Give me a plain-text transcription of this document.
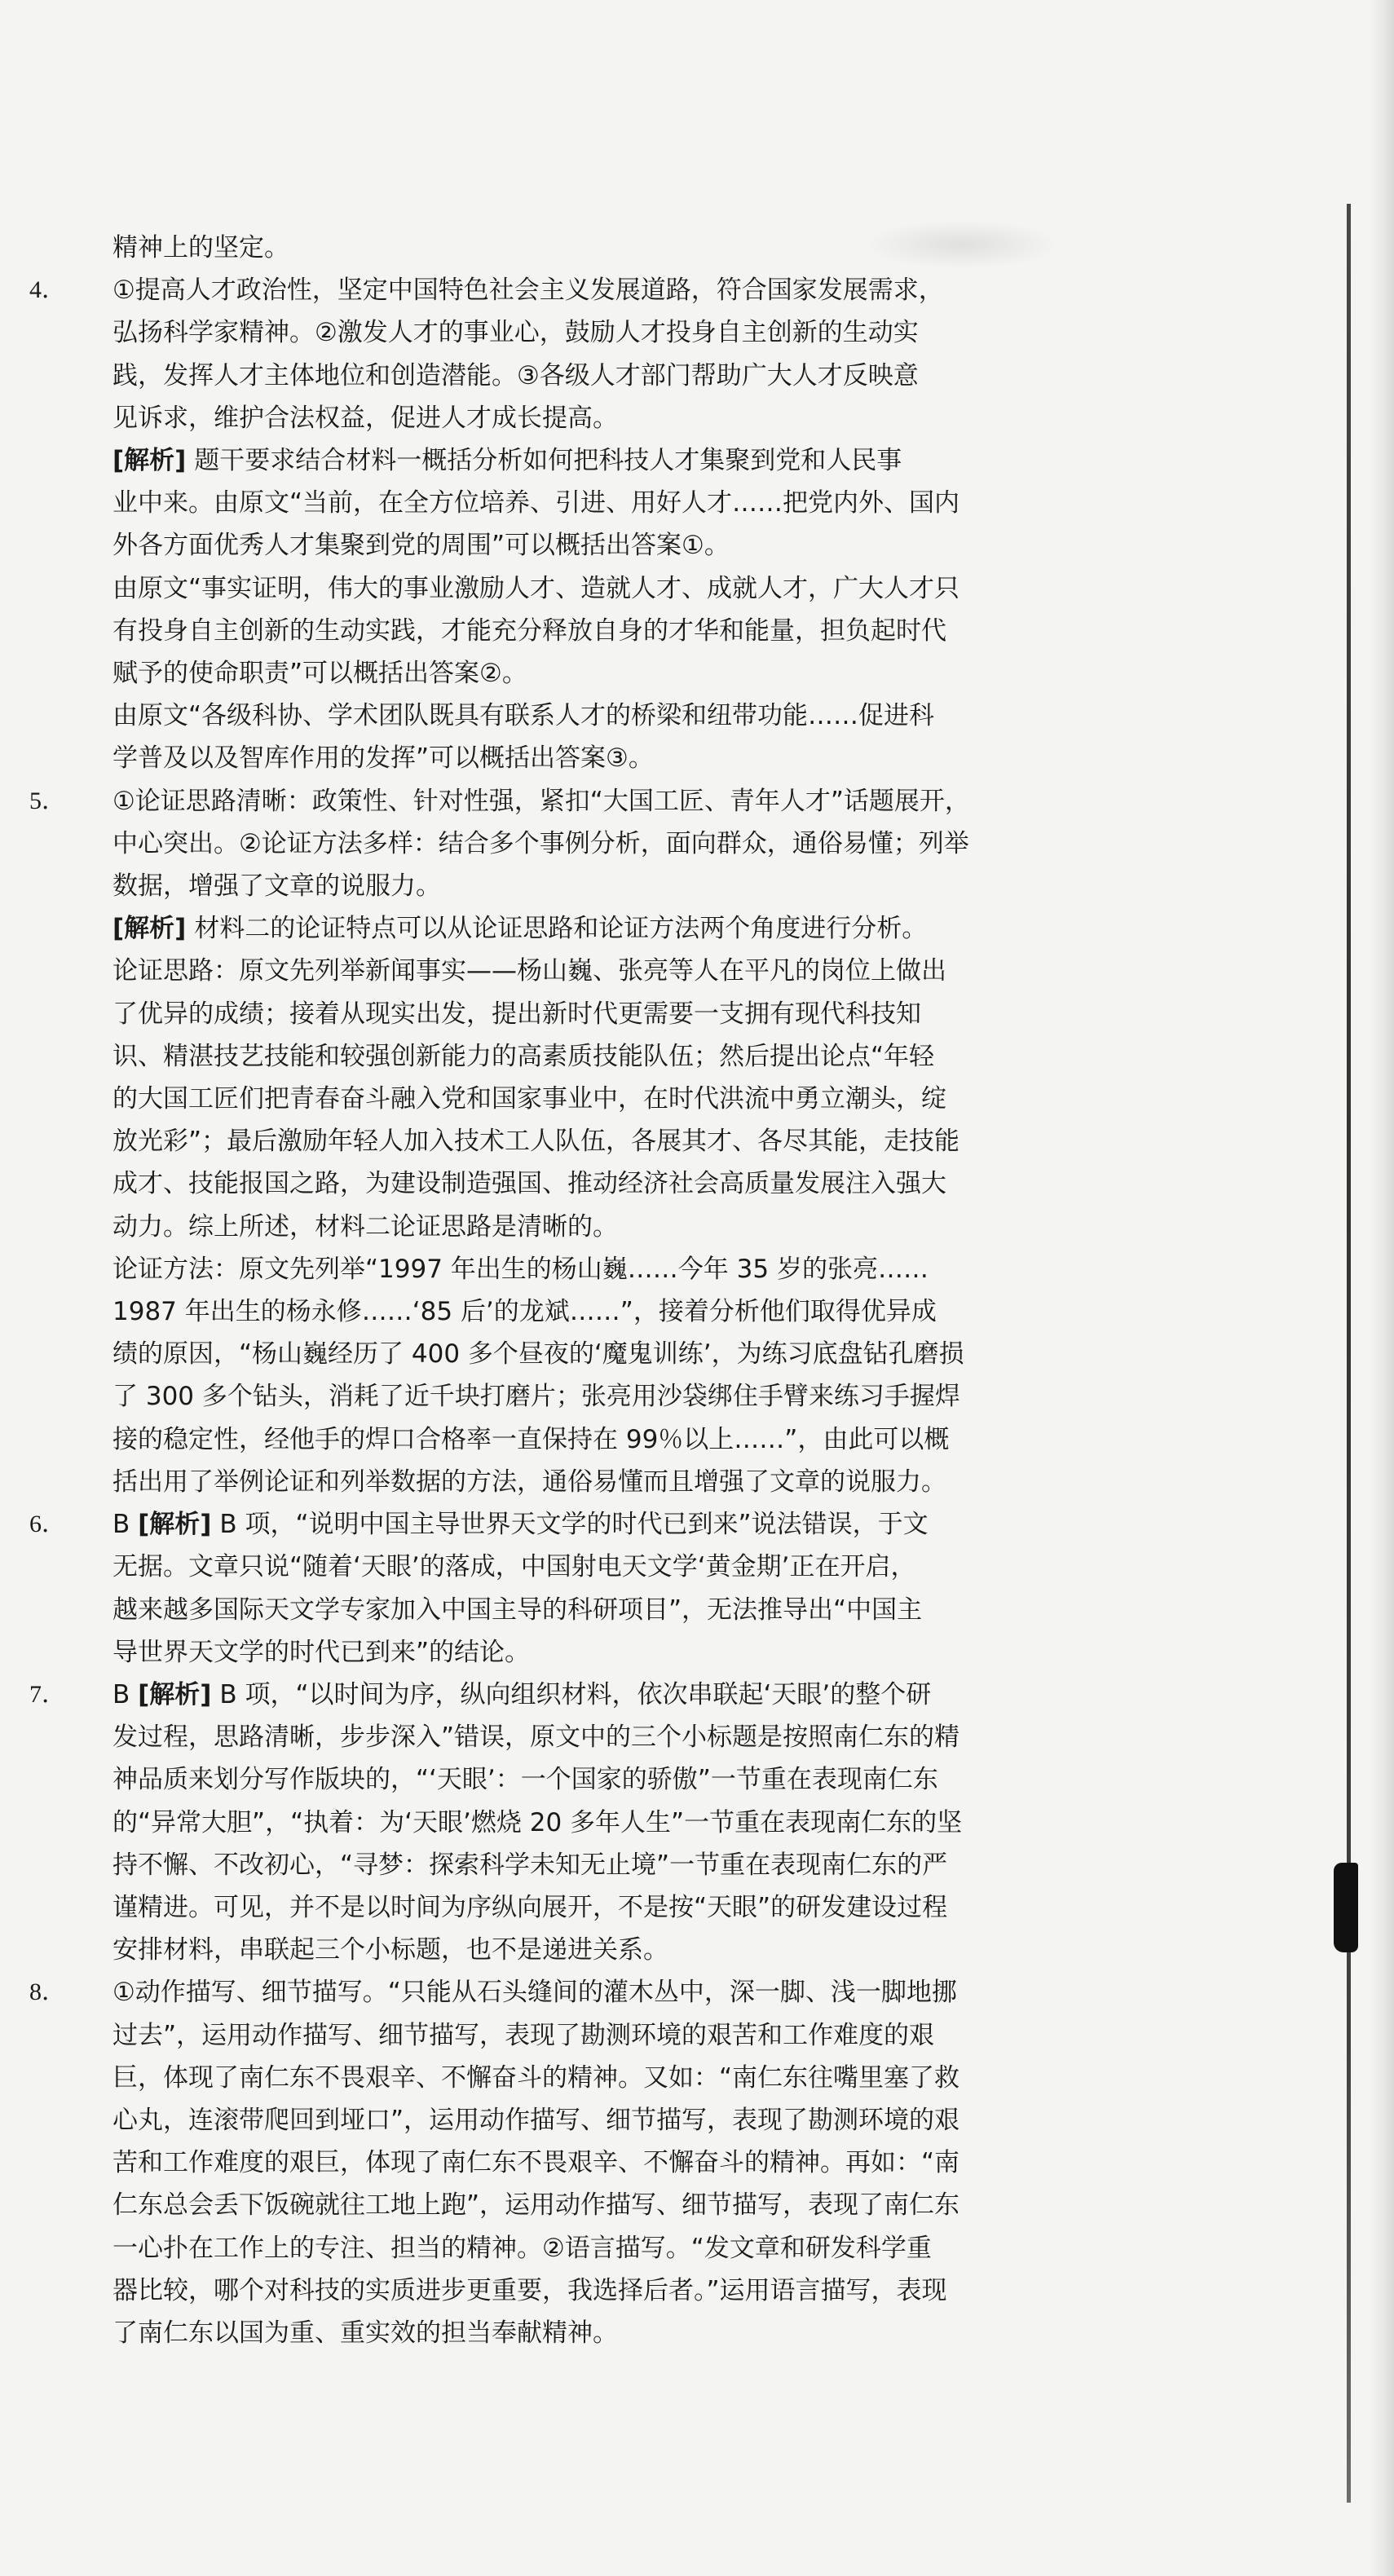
精神上的坚定。
4．	①提高人才政治性，坚定中国特色社会主义发展道路，符合国家发展需求，
弘扬科学家精神。②激发人才的事业心，鼓励人才投身自主创新的生动实
践，发挥人才主体地位和创造潜能。③各级人才部门帮助广大人才反映意
见诉求，维护合法权益，促进人才成长提高。
[解析] 题干要求结合材料一概括分析如何把科技人才集聚到党和人民事
业中来。由原文“当前，在全方位培养、引进、用好人才……把党内外、国内
外各方面优秀人才集聚到党的周围”可以概括出答案①。
由原文“事实证明，伟大的事业激励人才、造就人才、成就人才，广大人才只
有投身自主创新的生动实践，才能充分释放自身的才华和能量，担负起时代
赋予的使命职责”可以概括出答案②。
由原文“各级科协、学术团队既具有联系人才的桥梁和纽带功能……促进科
学普及以及智库作用的发挥”可以概括出答案③。
5．	①论证思路清晰：政策性、针对性强，紧扣“大国工匠、青年人才”话题展开，
中心突出。②论证方法多样：结合多个事例分析，面向群众，通俗易懂；列举
数据，增强了文章的说服力。
[解析] 材料二的论证特点可以从论证思路和论证方法两个角度进行分析。
论证思路：原文先列举新闻事实——杨山巍、张亮等人在平凡的岗位上做出
了优异的成绩；接着从现实出发，提出新时代更需要一支拥有现代科技知
识、精湛技艺技能和较强创新能力的高素质技能队伍；然后提出论点“年轻
的大国工匠们把青春奋斗融入党和国家事业中，在时代洪流中勇立潮头，绽
放光彩”；最后激励年轻人加入技术工人队伍，各展其才、各尽其能，走技能
成才、技能报国之路，为建设制造强国、推动经济社会高质量发展注入强大
动力。综上所述，材料二论证思路是清晰的。
论证方法：原文先列举“1997 年出生的杨山巍……今年 35 岁的张亮……
1987 年出生的杨永修……‘85 后’的龙斌……”，接着分析他们取得优异成
绩的原因，“杨山巍经历了 400 多个昼夜的‘魔鬼训练’，为练习底盘钻孔磨损
了 300 多个钻头，消耗了近千块打磨片；张亮用沙袋绑住手臂来练习手握焊
接的稳定性，经他手的焊口合格率一直保持在 99％以上……”，由此可以概
括出用了举例论证和列举数据的方法，通俗易懂而且增强了文章的说服力。
6．	B [解析] B 项，“说明中国主导世界天文学的时代已到来”说法错误，于文
无据。文章只说“随着‘天眼’的落成，中国射电天文学‘黄金期’正在开启，
越来越多国际天文学专家加入中国主导的科研项目”，无法推导出“中国主
导世界天文学的时代已到来”的结论。
7．	B [解析] B 项，“以时间为序，纵向组织材料，依次串联起‘天眼’的整个研
发过程，思路清晰，步步深入”错误，原文中的三个小标题是按照南仁东的精
神品质来划分写作版块的，“‘天眼’：一个国家的骄傲”一节重在表现南仁东
的“异常大胆”，“执着：为‘天眼’燃烧 20 多年人生”一节重在表现南仁东的坚
持不懈、不改初心，“寻梦：探索科学未知无止境”一节重在表现南仁东的严
谨精进。可见，并不是以时间为序纵向展开，不是按“天眼”的研发建设过程
安排材料，串联起三个小标题，也不是递进关系。
8．	①动作描写、细节描写。“只能从石头缝间的灌木丛中，深一脚、浅一脚地挪
过去”，运用动作描写、细节描写，表现了勘测环境的艰苦和工作难度的艰
巨，体现了南仁东不畏艰辛、不懈奋斗的精神。又如：“南仁东往嘴里塞了救
心丸，连滚带爬回到垭口”，运用动作描写、细节描写，表现了勘测环境的艰
苦和工作难度的艰巨，体现了南仁东不畏艰辛、不懈奋斗的精神。再如：“南
仁东总会丢下饭碗就往工地上跑”，运用动作描写、细节描写，表现了南仁东
一心扑在工作上的专注、担当的精神。②语言描写。“发文章和研发科学重
器比较，哪个对科技的实质进步更重要，我选择后者。”运用语言描写，表现
了南仁东以国为重、重实效的担当奉献精神。
